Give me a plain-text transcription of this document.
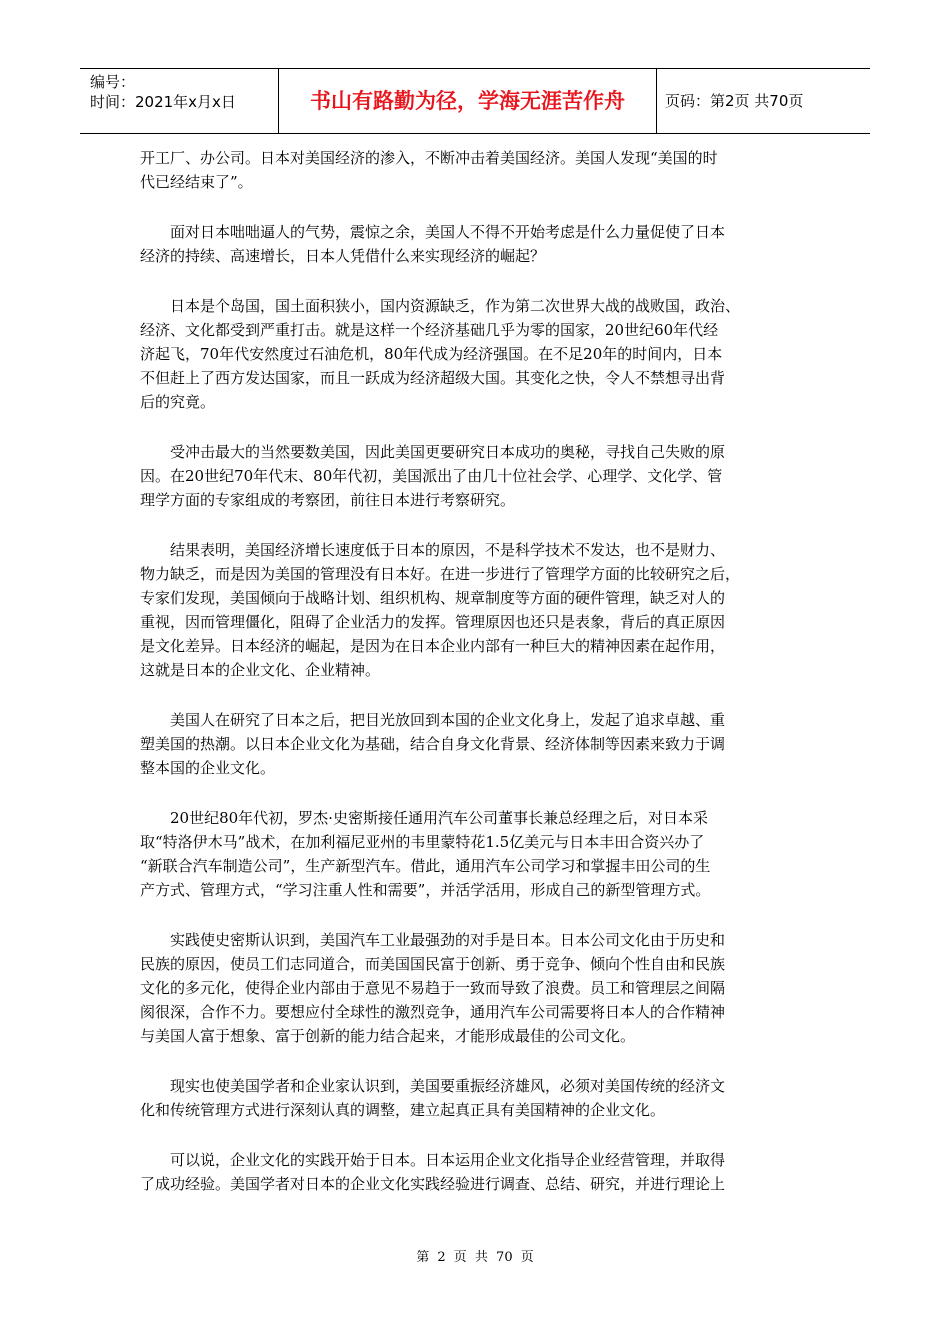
编号：
时间：2021年x月x日	书山有路勤为径，学海无涯苦作舟	页码：第2页 共70页
开工厂、办公司。日本对美国经济的渗入，不断冲击着美国经济。美国人发现“美国的时
代已经结束了”。
面对日本咄咄逼人的气势，震惊之余，美国人不得不开始考虑是什么力量促使了日本
经济的持续、高速增长，日本人凭借什么来实现经济的崛起？
日本是个岛国，国土面积狭小，国内资源缺乏，作为第二次世界大战的战败国，政治、
经济、文化都受到严重打击。就是这样一个经济基础几乎为零的国家，20世纪60年代经
济起飞，70年代安然度过石油危机，80年代成为经济强国。在不足20年的时间内，日本
不但赶上了西方发达国家，而且一跃成为经济超级大国。其变化之快，令人不禁想寻出背
后的究竟。
受冲击最大的当然要数美国，因此美国更要研究日本成功的奥秘，寻找自己失败的原
因。在20世纪70年代末、80年代初，美国派出了由几十位社会学、心理学、文化学、管
理学方面的专家组成的考察团，前往日本进行考察研究。
结果表明，美国经济增长速度低于日本的原因，不是科学技术不发达，也不是财力、
物力缺乏，而是因为美国的管理没有日本好。在进一步进行了管理学方面的比较研究之后，
专家们发现，美国倾向于战略计划、组织机构、规章制度等方面的硬件管理，缺乏对人的
重视，因而管理僵化，阻碍了企业活力的发挥。管理原因也还只是表象，背后的真正原因
是文化差异。日本经济的崛起，是因为在日本企业内部有一种巨大的精神因素在起作用，
这就是日本的企业文化、企业精神。
美国人在研究了日本之后，把目光放回到本国的企业文化身上，发起了追求卓越、重
塑美国的热潮。以日本企业文化为基础，结合自身文化背景、经济体制等因素来致力于调
整本国的企业文化。
20世纪80年代初，罗杰·史密斯接任通用汽车公司董事长兼总经理之后，对日本采
取“特洛伊木马”战术，在加利福尼亚州的韦里蒙特花1.5亿美元与日本丰田合资兴办了
“新联合汽车制造公司”，生产新型汽车。借此，通用汽车公司学习和掌握丰田公司的生
产方式、管理方式，“学习注重人性和需要”，并活学活用，形成自己的新型管理方式。
实践使史密斯认识到，美国汽车工业最强劲的对手是日本。日本公司文化由于历史和
民族的原因，使员工们志同道合，而美国国民富于创新、勇于竞争、倾向个性自由和民族
文化的多元化，使得企业内部由于意见不易趋于一致而导致了浪费。员工和管理层之间隔
阂很深，合作不力。要想应付全球性的激烈竞争，通用汽车公司需要将日本人的合作精神
与美国人富于想象、富于创新的能力结合起来，才能形成最佳的公司文化。
现实也使美国学者和企业家认识到，美国要重振经济雄风，必须对美国传统的经济文
化和传统管理方式进行深刻认真的调整，建立起真正具有美国精神的企业文化。
可以说，企业文化的实践开始于日本。日本运用企业文化指导企业经营管理，并取得
了成功经验。美国学者对日本的企业文化实践经验进行调查、总结、研究，并进行理论上
第 2 页 共 70 页
